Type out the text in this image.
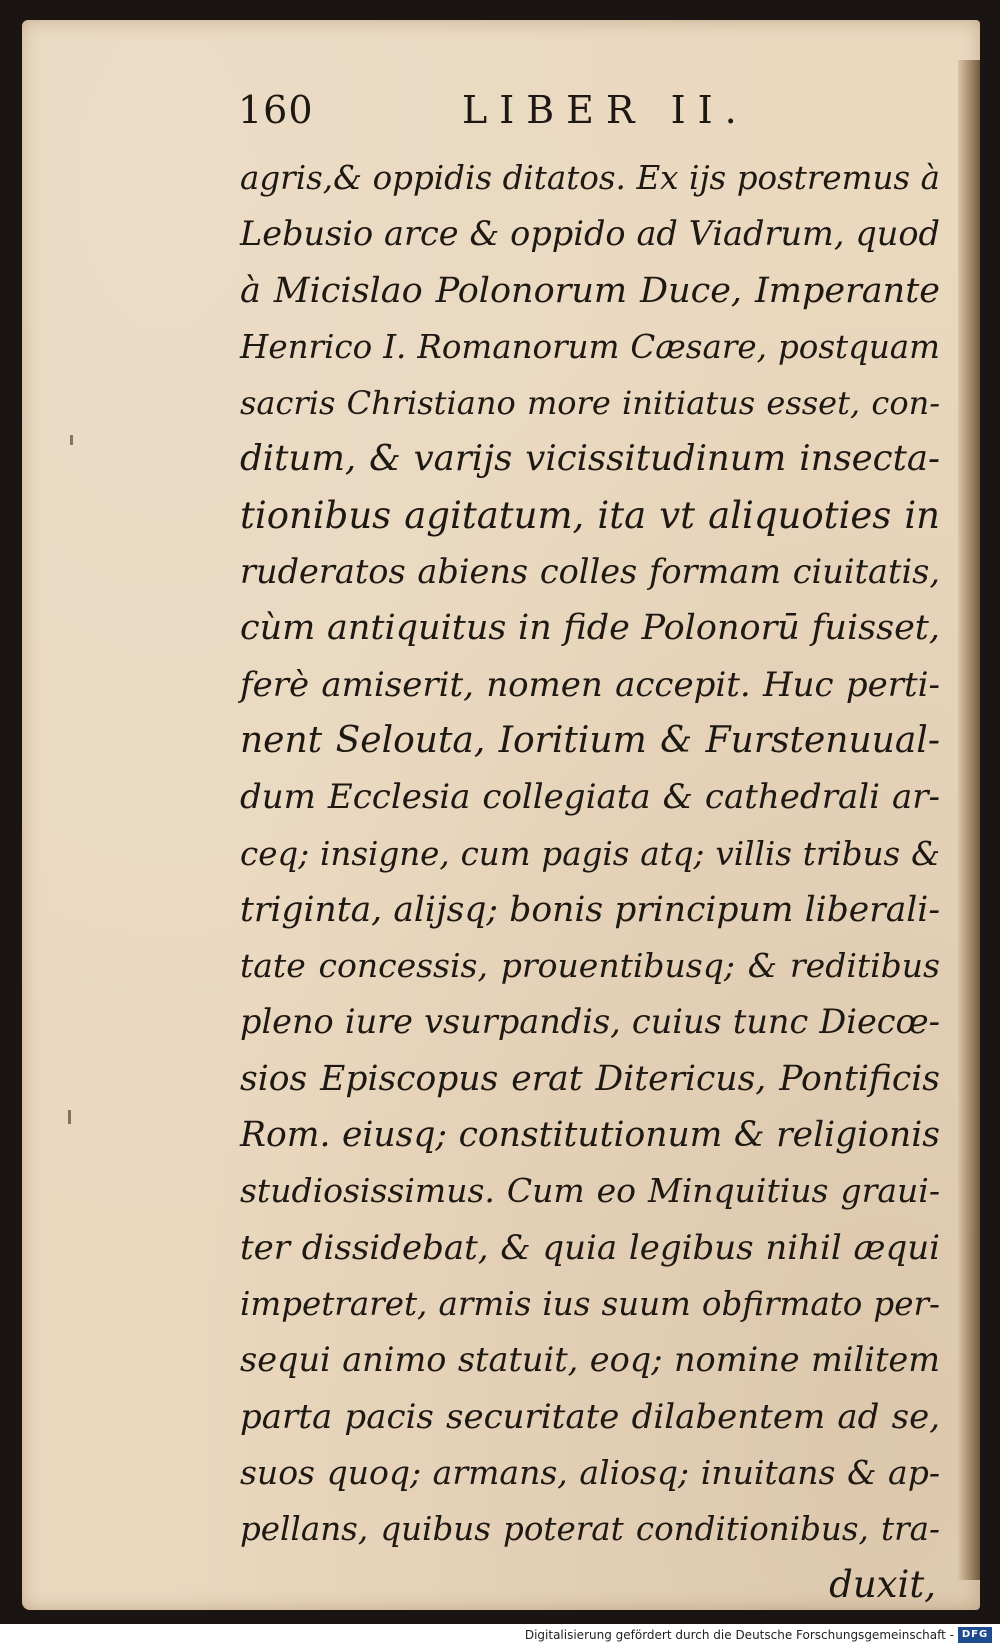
160	LIBER II.
agris,& oppidis ditatos. Ex ijs postremus à
Lebusio arce & oppido ad Viadrum, quod
à Micislao Polonorum Duce, Imperante
Henrico I. Romanorum Cæsare, postquam
sacris Christiano more initiatus esset, con-
ditum, & varijs vicissitudinum insecta-
tionibus agitatum, ita vt aliquoties in
ruderatos abiens colles formam ciuitatis,
cùm antiquitus in fide Polonorū fuisset,
ferè amiserit, nomen accepit. Huc perti-
nent Selouta, Ioritium & Furstenuual-
dum Ecclesia collegiata & cathedrali ar-
ceq; insigne, cum pagis atq; villis tribus &
triginta, alijsq; bonis principum liberali-
tate concessis, prouentibusq; & reditibus
pleno iure vsurpandis, cuius tunc Diecœ-
sios Episcopus erat Ditericus, Pontificis
Rom. eiusq; constitutionum & religionis
studiosissimus. Cum eo Minquitius graui-
ter dissidebat, & quia legibus nihil æqui
impetraret, armis ius suum obfirmato per-
sequi animo statuit, eoq; nomine militem
parta pacis securitate dilabentem ad se,
suos quoq; armans, aliosq; inuitans & ap-
pellans, quibus poterat conditionibus, tra-
duxit,
Digitalisierung gefördert durch die Deutsche Forschungsgemeinschaft - DFG
